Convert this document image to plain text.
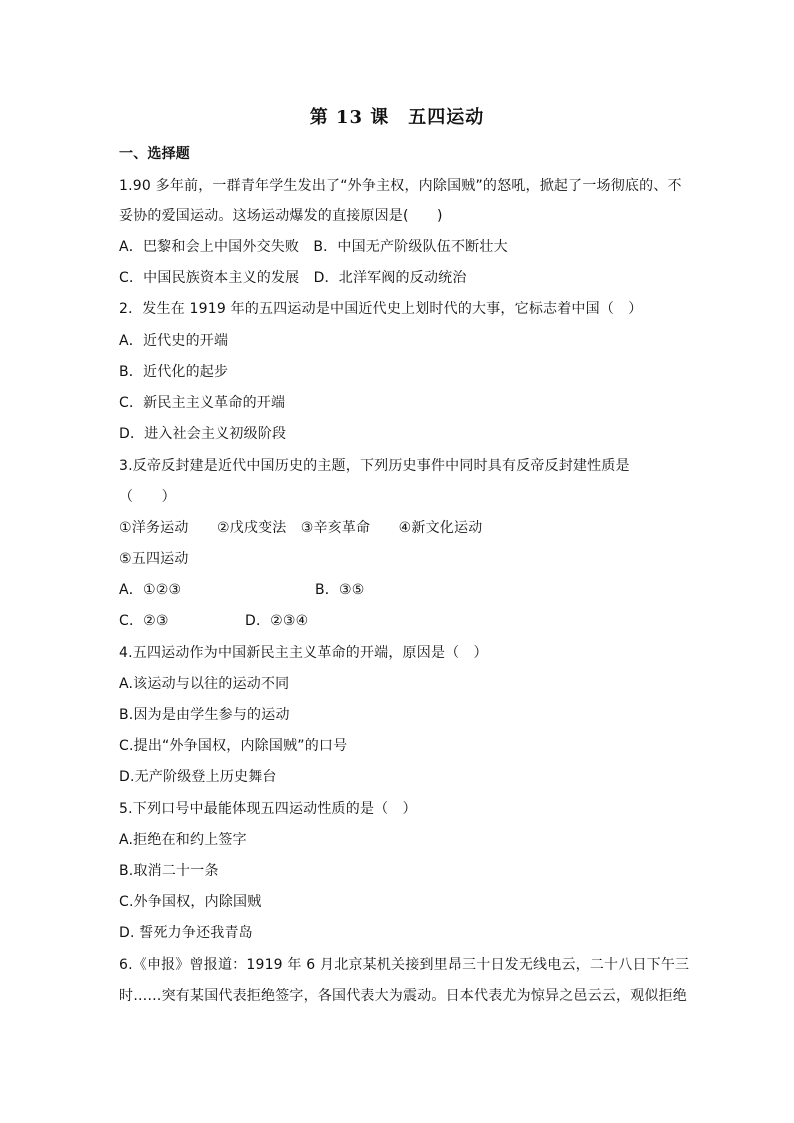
第 13 课　五四运动
一、选择题
1.90 多年前，一群青年学生发出了“外争主权，内除国贼”的怒吼，掀起了一场彻底的、不
妥协的爱国运动。这场运动爆发的直接原因是(　　)
A．巴黎和会上中国外交失败　B．中国无产阶级队伍不断壮大
C．中国民族资本主义的发展　D．北洋军阀的反动统治
2．发生在 1919 年的五四运动是中国近代史上划时代的大事，它标志着中国（　）
A．近代史的开端
B．近代化的起步
C．新民主主义革命的开端
D．进入社会主义初级阶段
3.反帝反封建是近代中国历史的主题，下列历史事件中同时具有反帝反封建性质是
（　　）
①洋务运动　　②戊戌变法　③辛亥革命　　④新文化运动
⑤五四运动
A．①②③	B．③⑤
C．②③	D．②③④
4.五四运动作为中国新民主主义革命的开端，原因是（　）
A.该运动与以往的运动不同
B.因为是由学生参与的运动
C.提出“外争国权，内除国贼”的口号
D.无产阶级登上历史舞台
5.下列口号中最能体现五四运动性质的是（　）
A.拒绝在和约上签字
B.取消二十一条
C.外争国权，内除国贼
D. 誓死力争还我青岛
6.《申报》曾报道：1919 年 6 月北京某机关接到里昂三十日发无线电云，二十八日下午三
时……突有某国代表拒绝签字，各国代表大为震动。日本代表尤为惊异之邑云云，观似拒绝
